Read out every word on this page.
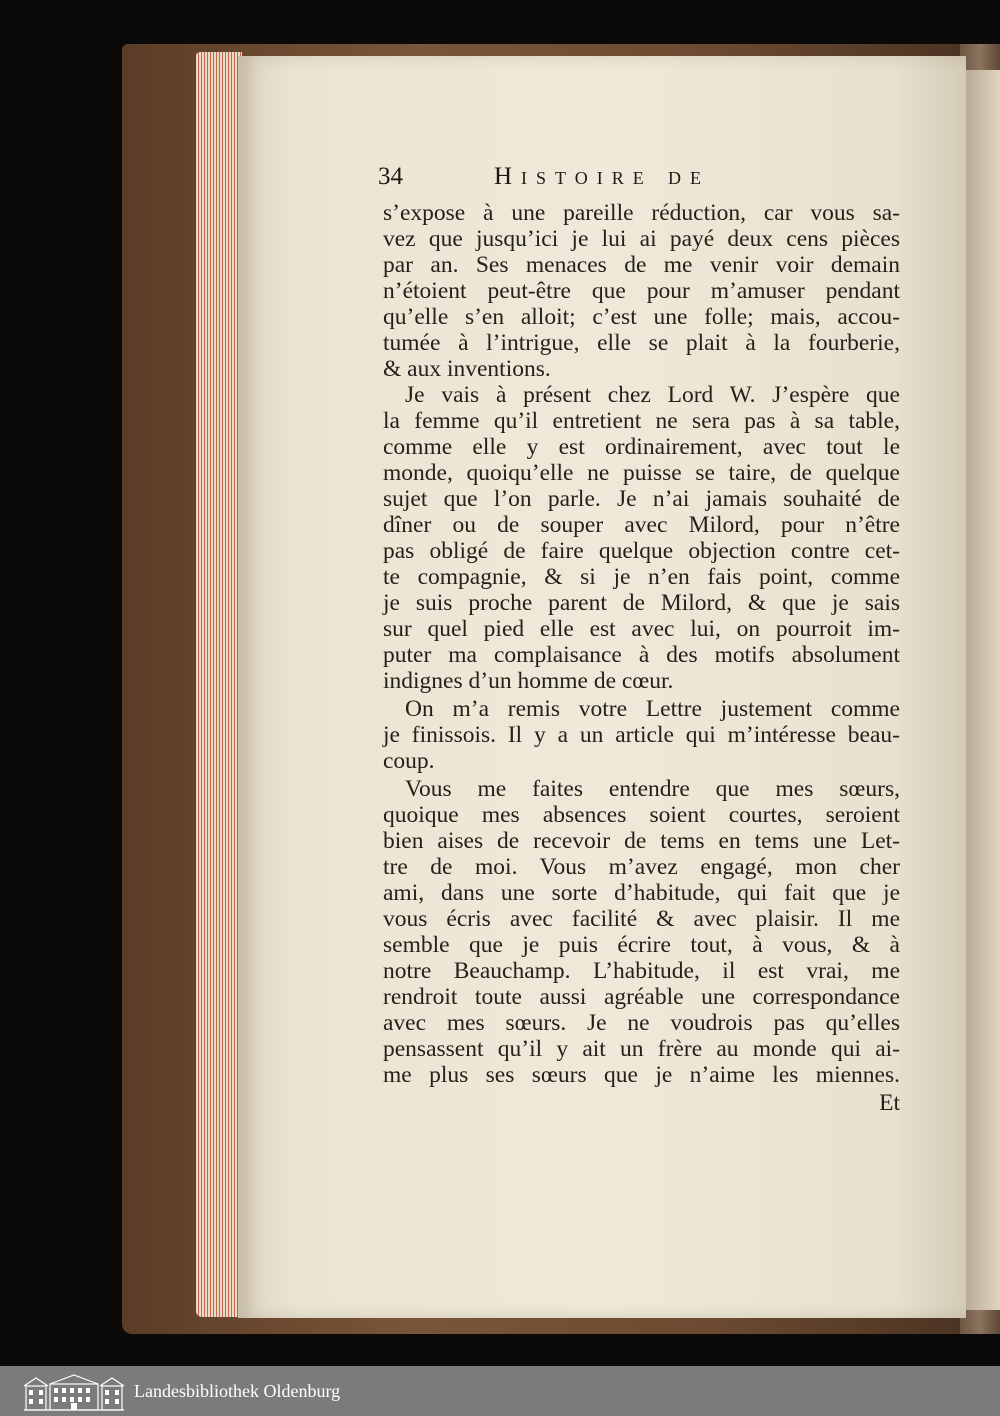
34	Histoire de
s’expose à une pareille réduction, car vous sa-
vez que jusqu’ici je lui ai payé deux cens pièces
par an. Ses menaces de me venir voir demain
n’étoient peut-être que pour m’amuser pendant
qu’elle s’en alloit; c’est une folle; mais, accou-
tumée à l’intrigue, elle se plait à la fourberie,
& aux inventions.
Je vais à présent chez Lord W. J’espère que
la femme qu’il entretient ne sera pas à sa table,
comme elle y est ordinairement, avec tout le
monde, quoiqu’elle ne puisse se taire, de quelque
sujet que l’on parle. Je n’ai jamais souhaité de
dîner ou de souper avec Milord, pour n’être
pas obligé de faire quelque objection contre cet-
te compagnie, & si je n’en fais point, comme
je suis proche parent de Milord, & que je sais
sur quel pied elle est avec lui, on pourroit im-
puter ma complaisance à des motifs absolument
indignes d’un homme de cœur.
On m’a remis votre Lettre justement comme
je finissois. Il y a un article qui m’intéresse beau-
coup.
Vous me faites entendre que mes sœurs,
quoique mes absences soient courtes, seroient
bien aises de recevoir de tems en tems une Let-
tre de moi. Vous m’avez engagé, mon cher
ami, dans une sorte d’habitude, qui fait que je
vous écris avec facilité & avec plaisir. Il me
semble que je puis écrire tout, à vous, & à
notre Beauchamp. L’habitude, il est vrai, me
rendroit toute aussi agréable une correspondance
avec mes sœurs. Je ne voudrois pas qu’elles
pensassent qu’il y ait un frère au monde qui ai-
me plus ses sœurs que je n’aime les miennes.
Et
Landesbibliothek Oldenburg
